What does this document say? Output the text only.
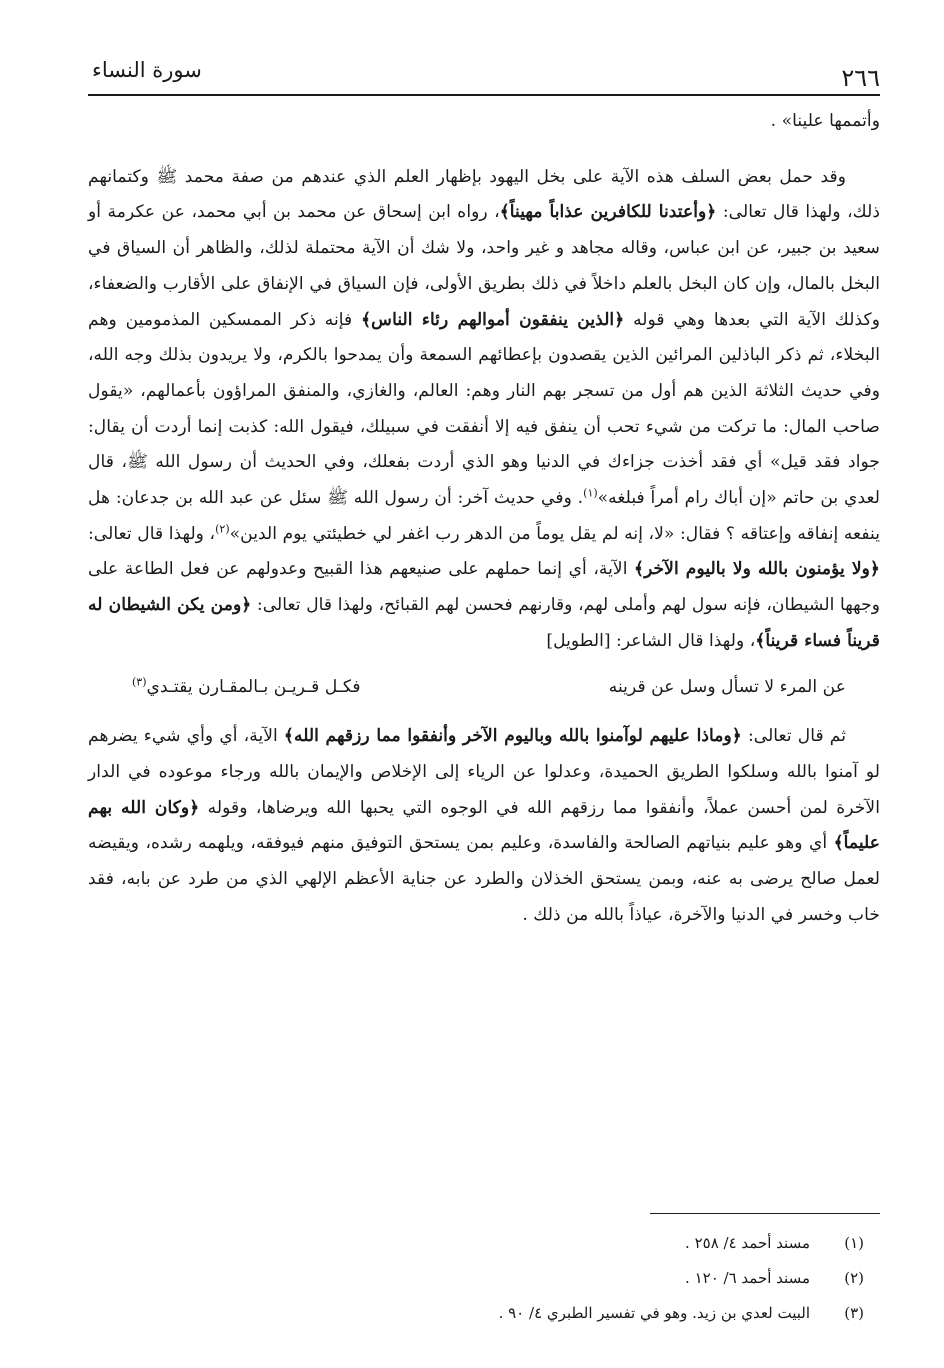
٢٦٦
سورة النساء

وأتممها علينا» .

وقد حمل بعض السلف هذه الآية على بخل اليهود بإظهار العلم الذي عندهم من صفة محمد ﷺ وكتمانهم ذلك، ولهذا قال تعالى: ﴿وأعتدنا للكافرين عذاباً مهيناً﴾، رواه ابن إسحاق عن محمد بن أبي محمد، عن عكرمة أو سعيد بن جبير، عن ابن عباس، وقاله مجاهد و غير واحد، ولا شك أن الآية محتملة لذلك، والظاهر أن السياق في البخل بالمال، وإن كان البخل بالعلم داخلاً في ذلك بطريق الأولى، فإن السياق في الإنفاق على الأقارب والضعفاء، وكذلك الآية التي بعدها وهي قوله ﴿الذين ينفقون أموالهم رئاء الناس﴾ فإنه ذكر الممسكين المذمومين وهم البخلاء، ثم ذكر الباذلين المرائين الذين يقصدون بإعطائهم السمعة وأن يمدحوا بالكرم، ولا يريدون بذلك وجه الله، وفي حديث الثلاثة الذين هم أول من تسجر بهم النار وهم: العالم، والغازي، والمنفق المراؤون بأعمالهم، «يقول صاحب المال: ما تركت من شيء تحب أن ينفق فيه إلا أنفقت في سبيلك، فيقول الله: كذبت إنما أردت أن يقال: جواد فقد قيل» أي فقد أخذت جزاءك في الدنيا وهو الذي أردت بفعلك، وفي الحديث أن رسول الله ﷺ، قال لعدي بن حاتم «إن أباك رام أمراً فبلغه»$^{(١)}$. وفي حديث آخر: أن رسول الله ﷺ سئل عن عبد الله بن جدعان: هل ينفعه إنفاقه وإعتاقه ؟ فقال: «لا، إنه لم يقل يوماً من الدهر رب اغفر لي خطيئتي يوم الدين»$^{(٢)}$، ولهذا قال تعالى: ﴿ولا يؤمنون بالله ولا باليوم الآخر﴾ الآية، أي إنما حملهم على صنيعهم هذا القبيح وعدولهم عن فعل الطاعة على وجهها الشيطان، فإنه سول لهم وأملى لهم، وقارنهم فحسن لهم القبائح، ولهذا قال تعالى: ﴿ومن يكن الشيطان له قريناً فساء قريناً﴾، ولهذا قال الشاعر: [الطويل]

عن المرء لا تسأل وسل عن قرينه
فكـل قـريـن بـالمقـارن يقتـدي$^{(٣)}$

ثم قال تعالى: ﴿وماذا عليهم لوآمنوا بالله وباليوم الآخر وأنفقوا مما رزقهم الله﴾ الآية، أي وأي شيء يضرهم لو آمنوا بالله وسلكوا الطريق الحميدة، وعدلوا عن الرياء إلى الإخلاص والإيمان بالله ورجاء موعوده في الدار الآخرة لمن أحسن عملاً، وأنفقوا مما رزقهم الله في الوجوه التي يحبها الله ويرضاها، وقوله ﴿وكان الله بهم عليماً﴾ أي وهو عليم بنياتهم الصالحة والفاسدة، وعليم بمن يستحق التوفيق منهم فيوفقه، ويلهمه رشده، ويقيضه لعمل صالح يرضى به عنه، وبمن يستحق الخذلان والطرد عن جناية الأعظم الإلهي الذي من طرد عن بابه، فقد خاب وخسر في الدنيا والآخرة، عياذاً بالله من ذلك .

(١)
مسند أحمد ٤/ ٢٥٨ .
(٢)
مسند أحمد ٦/ ١٢٠ .
(٣)
البيت لعدي بن زيد. وهو في تفسير الطبري ٤/ ٩٠ .
